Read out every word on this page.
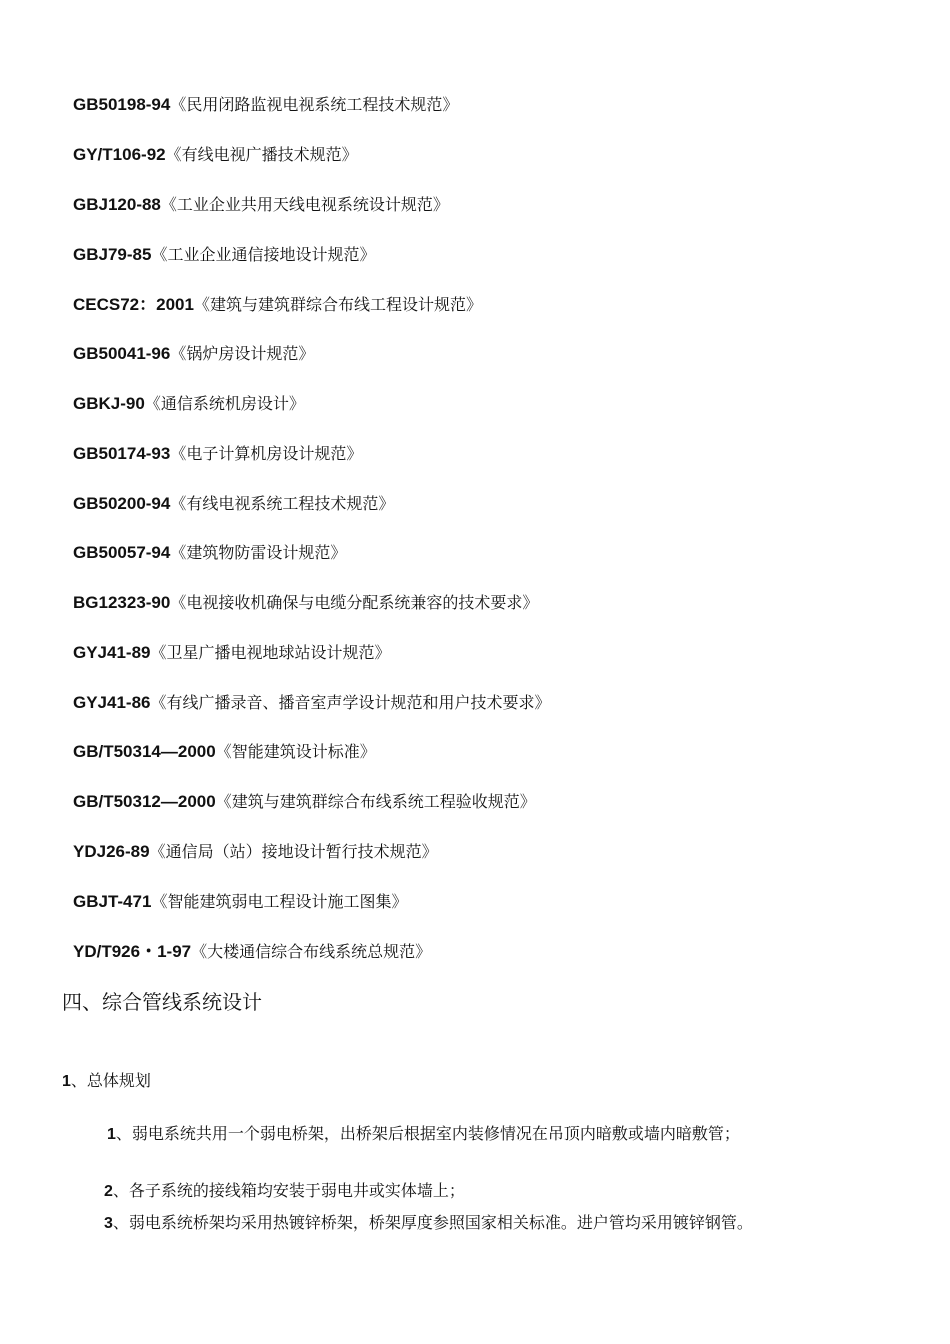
GB50198-94《民用闭路监视电视系统工程技术规范》
GY/T106-92《有线电视广播技术规范》
GBJ120-88《工业企业共用天线电视系统设计规范》
GBJ79-85《工业企业通信接地设计规范》
CECS72：2001《建筑与建筑群综合布线工程设计规范》
GB50041-96《锅炉房设计规范》
GBKJ-90《通信系统机房设计》
GB50174-93《电子计算机房设计规范》
GB50200-94《有线电视系统工程技术规范》
GB50057-94《建筑物防雷设计规范》
BG12323-90《电视接收机确保与电缆分配系统兼容的技术要求》
GYJ41-89《卫星广播电视地球站设计规范》
GYJ41-86《有线广播录音、播音室声学设计规范和用户技术要求》
GB/T50314—2000《智能建筑设计标准》
GB/T50312—2000《建筑与建筑群综合布线系统工程验收规范》
YDJ26-89《通信局（站）接地设计暂行技术规范》
GBJT-471《智能建筑弱电工程设计施工图集》
YD/T926・1-97《大楼通信综合布线系统总规范》
四、综合管线系统设计
1、总体规划
1、弱电系统共用一个弱电桥架，出桥架后根据室内装修情况在吊顶内暗敷或墙内暗敷管；
2、各子系统的接线箱均安装于弱电井或实体墙上；
3、弱电系统桥架均采用热镀锌桥架，桥架厚度参照国家相关标准。进户管均采用镀锌钢管。
